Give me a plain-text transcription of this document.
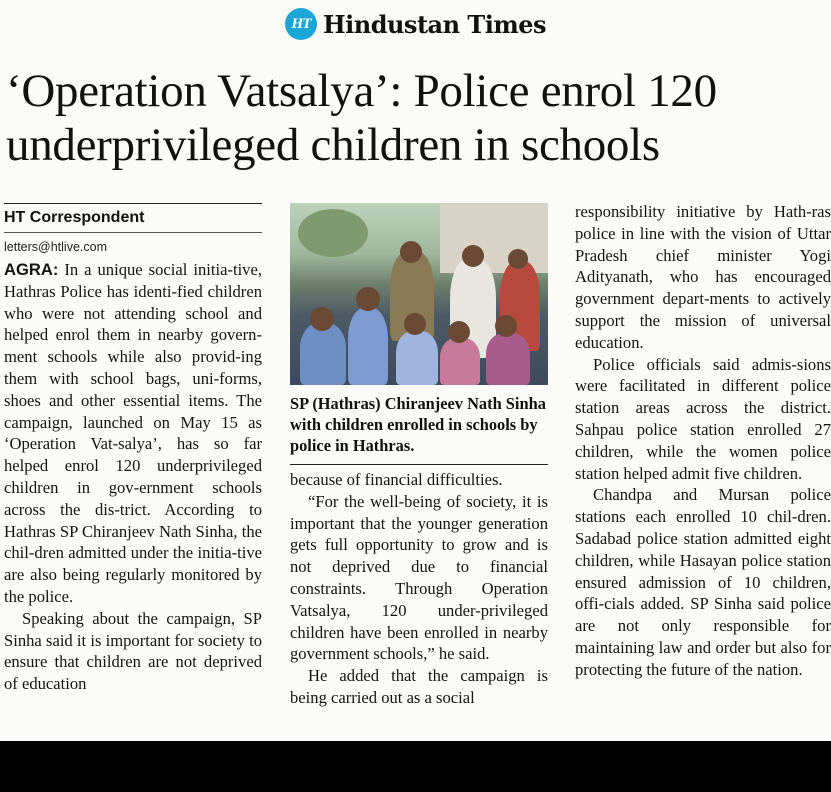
HT Hindustan Times
‘Operation Vatsalya’: Police enrol 120 underprivileged children in schools
HT Correspondent
letters@htlive.com

AGRA: In a unique social initia-tive, Hathras Police has identi-fied children who were not attending school and helped enrol them in nearby govern-ment schools while also provid-ing them with school bags, uni-forms, shoes and other essential items. The campaign, launched on May 15 as ‘Operation Vat-salya’, has so far helped enrol 120 underprivileged children in gov-ernment schools across the dis-trict. According to Hathras SP Chiranjeev Nath Sinha, the chil-dren admitted under the initia-tive are also being regularly monitored by the police.

Speaking about the campaign, SP Sinha said it is important for society to ensure that children are not deprived of education

SP (Hathras) Chiranjeev Nath Sinha with children enrolled in schools by police in Hathras.

because of financial difficulties.

“For the well-being of society, it is important that the younger generation gets full opportunity to grow and is not deprived due to financial constraints. Through Operation Vatsalya, 120 under-privileged children have been enrolled in nearby government schools,” he said.

He added that the campaign is being carried out as a social

responsibility initiative by Hath-ras police in line with the vision of Uttar Pradesh chief minister Yogi Adityanath, who has encouraged government depart-ments to actively support the mission of universal education.

Police officials said admis-sions were facilitated in different police station areas across the district. Sahpau police station enrolled 27 children, while the women police station helped admit five children.

Chandpa and Mursan police stations each enrolled 10 chil-dren. Sadabad police station admitted eight children, while Hasayan police station ensured admission of 10 children, offi-cials added. SP Sinha said police are not only responsible for maintaining law and order but also for protecting the future of the nation.
